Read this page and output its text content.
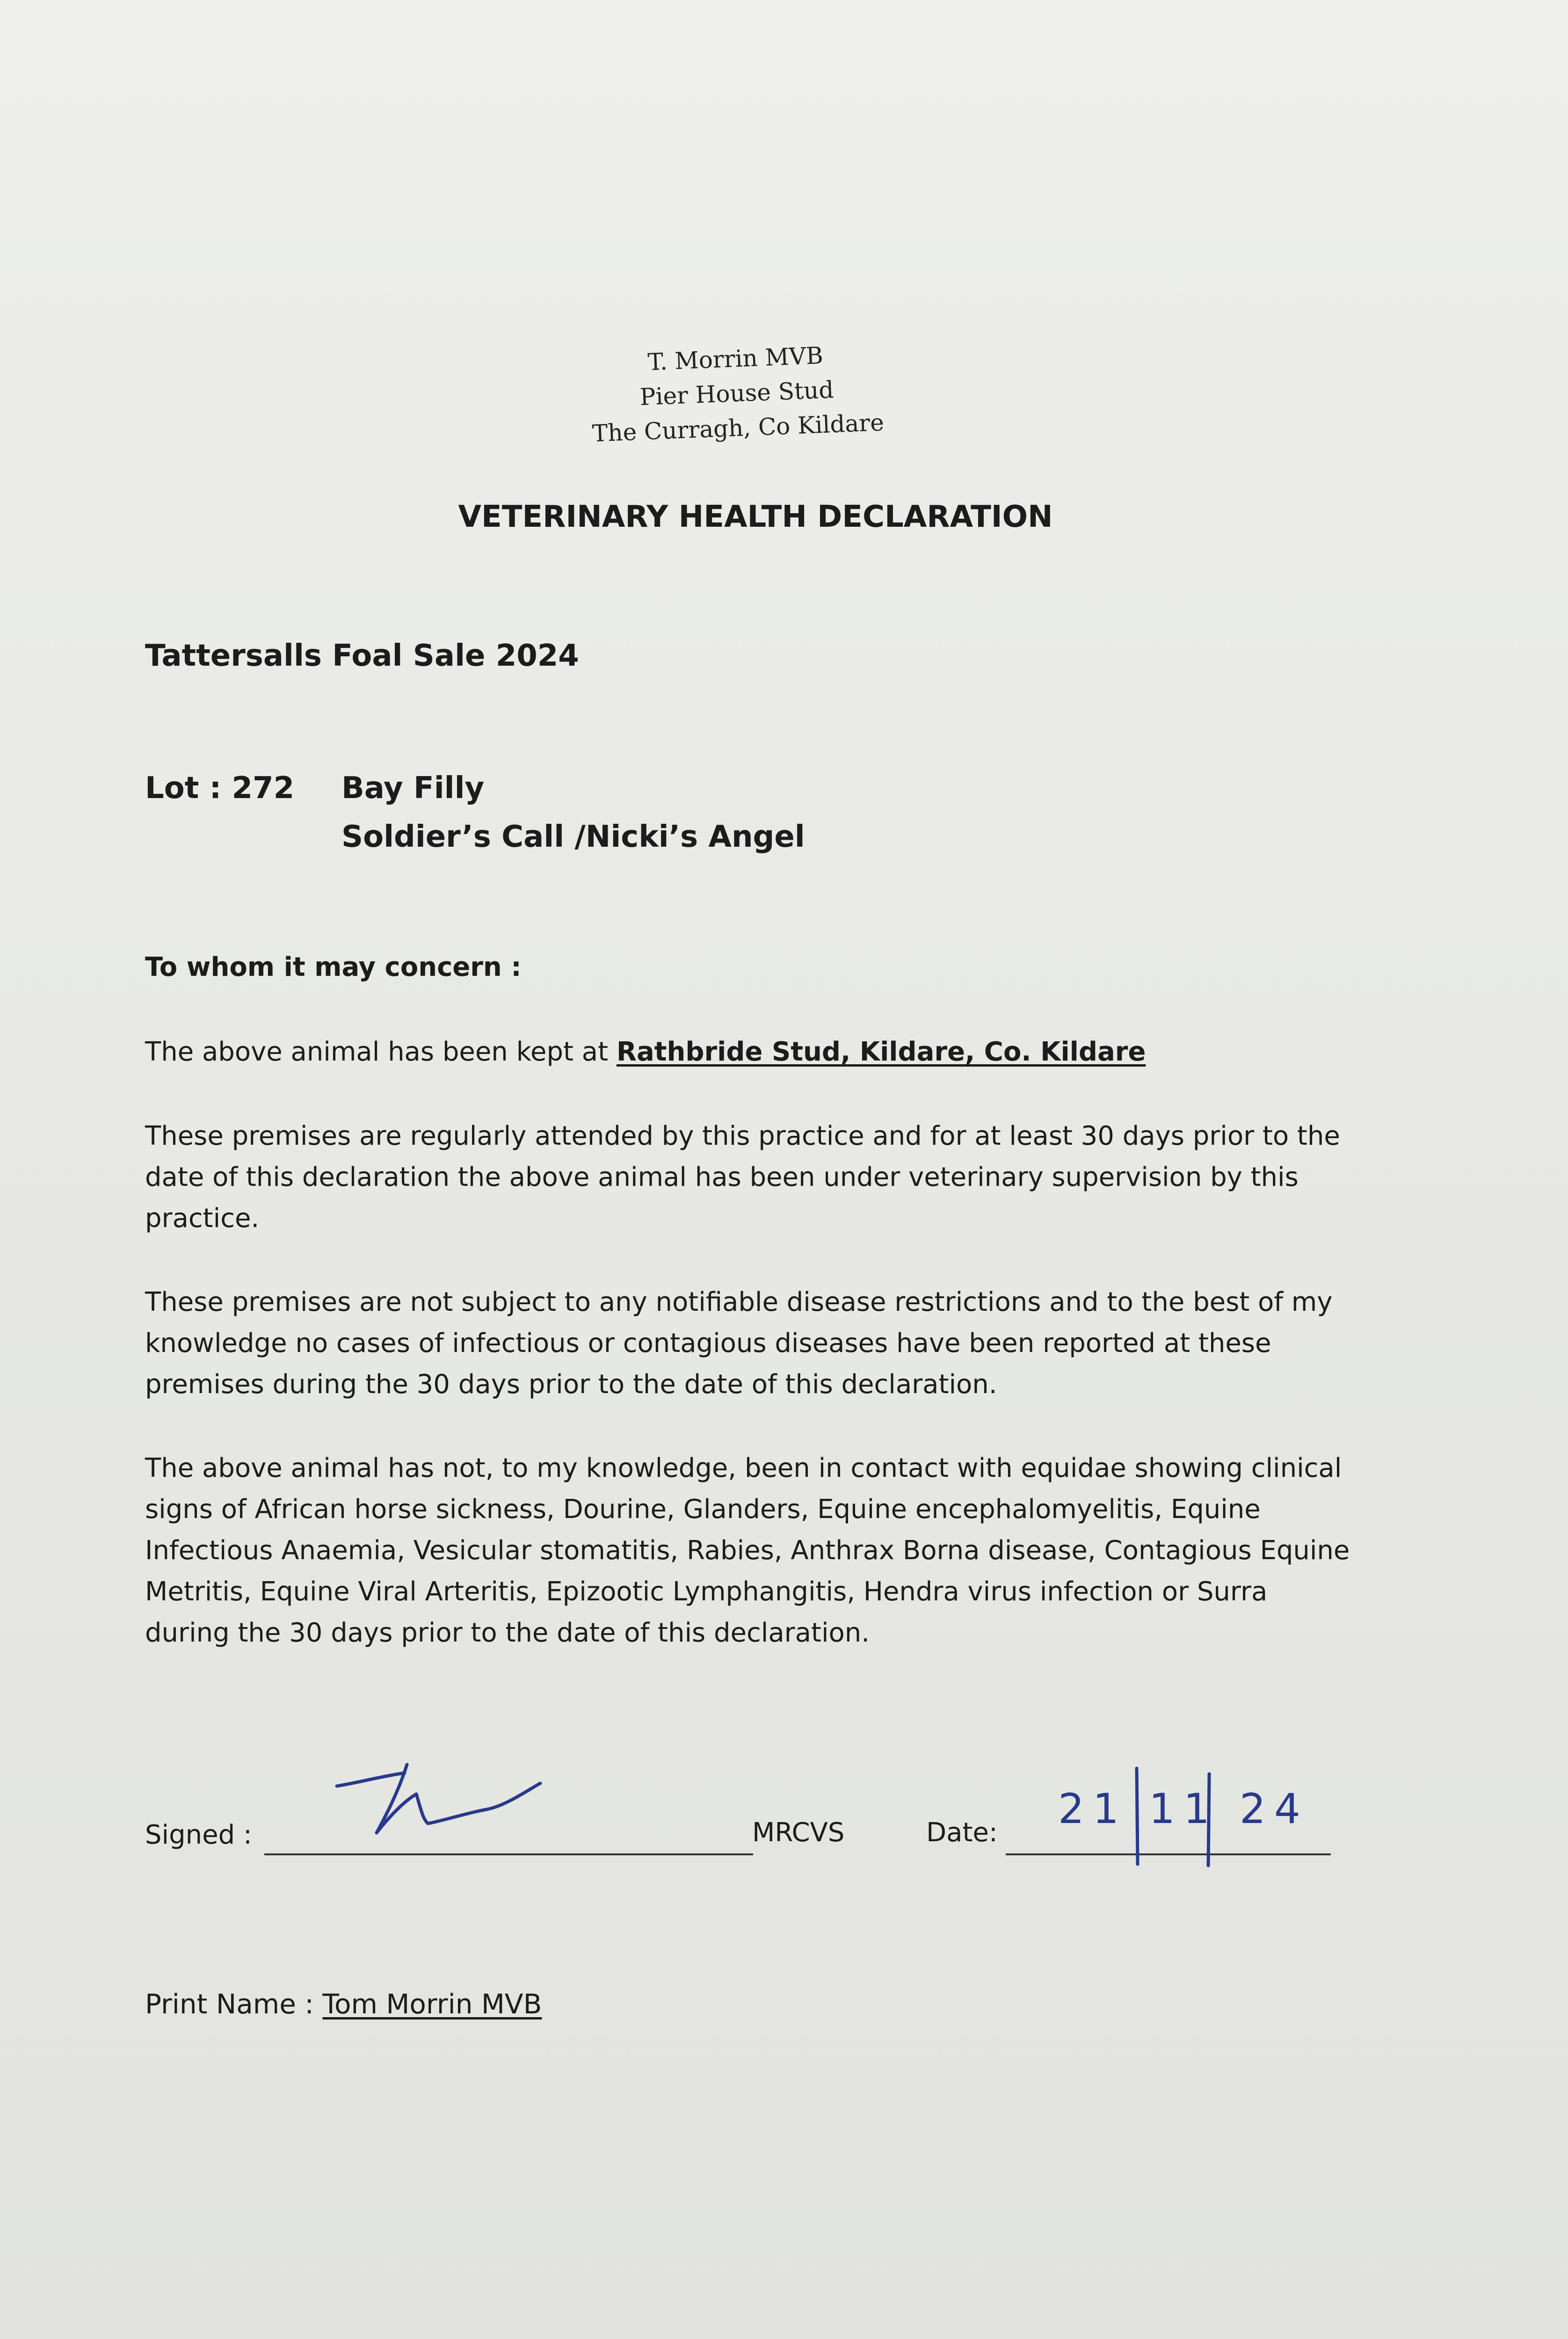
T. Morrin MVB
Pier House Stud
The Curragh, Co Kildare
VETERINARY HEALTH DECLARATION
Tattersalls Foal Sale 2024
Lot : 272 Bay Filly
Soldier’s Call /Nicki’s Angel
To whom it may concern :
The above animal has been kept at Rathbride Stud, Kildare, Co. Kildare
These premises are regularly attended by this practice and for at least 30 days prior to the
date of this declaration the above animal has been under veterinary supervision by this
practice.
These premises are not subject to any notifiable disease restrictions and to the best of my
knowledge no cases of infectious or contagious diseases have been reported at these
premises during the 30 days prior to the date of this declaration.
The above animal has not, to my knowledge, been in contact with equidae showing clinical
signs of African horse sickness, Dourine, Glanders, Equine encephalomyelitis, Equine
Infectious Anaemia, Vesicular stomatitis, Rabies, Anthrax Borna disease, Contagious Equine
Metritis, Equine Viral Arteritis, Epizootic Lymphangitis, Hendra virus infection or Surra
during the 30 days prior to the date of this declaration.
Signed :	MRCVS	Date: 21 11 24
Print Name : Tom Morrin MVB
